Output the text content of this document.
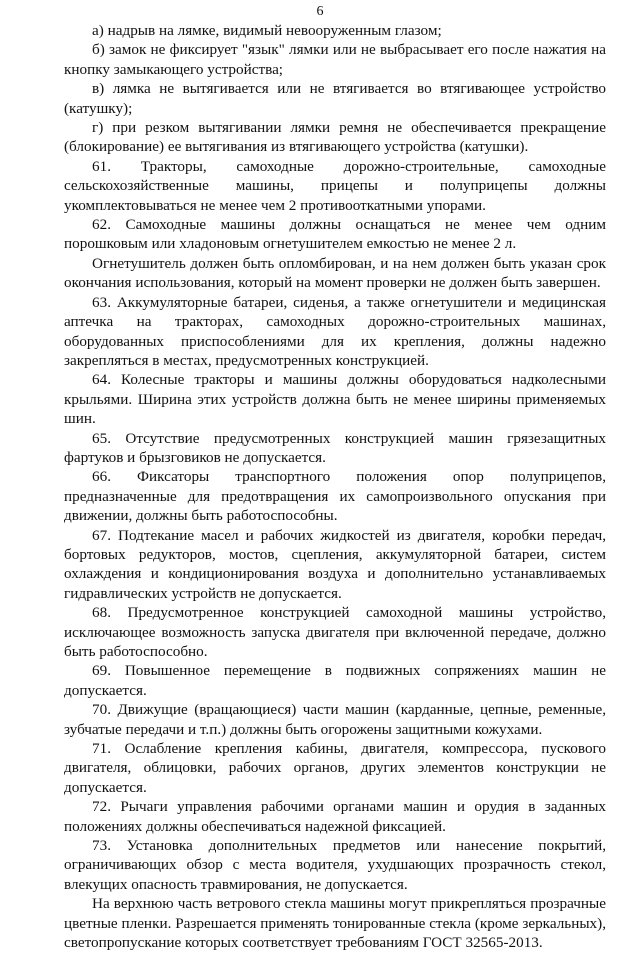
6

а) надрыв на лямке, видимый невооруженным глазом;

б) замок не фиксирует "язык" лямки или не выбрасывает его после нажатия на кнопку замыкающего устройства;

в) лямка не вытягивается или не втягивается во втягивающее устройство (катушку);

г) при резком вытягивании лямки ремня не обеспечивается прекращение (блокирование) ее вытягивания из втягивающего устройства (катушки).

61. Тракторы, самоходные дорожно-строительные, самоходные сельскохозяйственные машины, прицепы и полуприцепы должны укомплектовываться не менее чем 2 противооткатными упорами.

62. Самоходные машины должны оснащаться не менее чем одним порошковым или хладоновым огнетушителем емкостью не менее 2 л.

Огнетушитель должен быть опломбирован, и на нем должен быть указан срок окончания использования, который на момент проверки не должен быть завершен.

63. Аккумуляторные батареи, сиденья, а также огнетушители и медицинская аптечка на тракторах, самоходных дорожно-строительных машинах, оборудованных приспособлениями для их крепления, должны надежно закрепляться в местах, предусмотренных конструкцией.

64. Колесные тракторы и машины должны оборудоваться надколесными крыльями. Ширина этих устройств должна быть не менее ширины применяемых шин.

65. Отсутствие предусмотренных конструкцией машин грязезащитных фартуков и брызговиков не допускается.

66. Фиксаторы транспортного положения опор полуприцепов, предназначенные для предотвращения их самопроизвольного опускания при движении, должны быть работоспособны.

67. Подтекание масел и рабочих жидкостей из двигателя, коробки передач, бортовых редукторов, мостов, сцепления, аккумуляторной батареи, систем охлаждения и кондиционирования воздуха и дополнительно устанавливаемых гидравлических устройств не допускается.

68. Предусмотренное конструкцией самоходной машины устройство, исключающее возможность запуска двигателя при включенной передаче, должно быть работоспособно.

69. Повышенное перемещение в подвижных сопряжениях машин не допускается.

70. Движущие (вращающиеся) части машин (карданные, цепные, ременные, зубчатые передачи и т.п.) должны быть огорожены защитными кожухами.

71. Ослабление крепления кабины, двигателя, компрессора, пускового двигателя, облицовки, рабочих органов, других элементов конструкции не допускается.

72. Рычаги управления рабочими органами машин и орудия в заданных положениях должны обеспечиваться надежной фиксацией.

73. Установка дополнительных предметов или нанесение покрытий, ограничивающих обзор с места водителя, ухудшающих прозрачность стекол, влекущих опасность травмирования, не допускается.

На верхнюю часть ветрового стекла машины могут прикрепляться прозрачные цветные пленки. Разрешается применять тонированные стекла (кроме зеркальных), светопропускание которых соответствует требованиям ГОСТ 32565-2013.
